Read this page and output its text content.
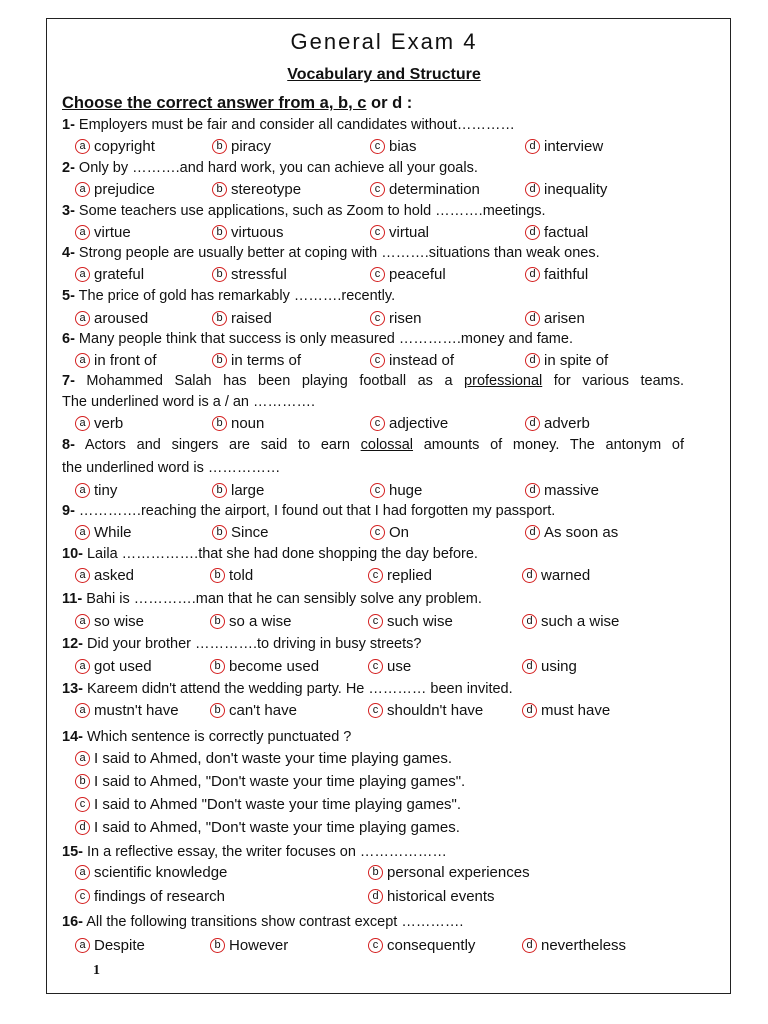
General Exam 4
Vocabulary and Structure
Choose the correct answer from a, b, c or d :
1- Employers must be fair and consider all candidates without…………
a copyright	b piracy	c bias	d interview
2- Only by ……….and hard work, you can achieve all your goals.
a prejudice	b stereotype	c determination	d inequality
3- Some teachers use applications, such as Zoom to hold ……….meetings.
a virtue	b virtuous	c virtual	d factual
4- Strong people are usually better at coping with ……….situations than weak ones.
a grateful	b stressful	c peaceful	d faithful
5- The price of gold has remarkably ……….recently.
a aroused	b raised	c risen	d arisen
6- Many people think that success is only measured ………….money and fame.
a in front of	b in terms of	c instead of	d in spite of
The underlined word is a / an ………….
7- Mohammed Salah has been playing football as a professional for various teams.
a verb	b noun	c adjective	d adverb
the underlined word is ……………
8- Actors and singers are said to earn colossal amounts of money. The antonym of
a tiny	b large	c huge	d massive
9- ………….reaching the airport, I found out that I had forgotten my passport.
a While	b Since	c On	d As soon as
10- Laila …………….that she had done shopping the day before.
a asked	b told	c replied	d warned
11- Bahi is ………….man that he can sensibly solve any problem.
a so wise	b so a wise	c such wise	d such a wise
12- Did your brother ………….to driving in busy streets?
a got used	b become used	c use	d using
13- Kareem didn't attend the wedding party. He ………… been invited.
a mustn't have	b can't have	c shouldn't have	d must have
14- Which sentence is correctly punctuated ?
a I said to Ahmed, don't waste your time playing games.
b I said to Ahmed, "Don't waste your time playing games".
c I said to Ahmed "Don't waste your time playing games".
d I said to Ahmed, "Don't waste your time playing games.
15- In a reflective essay, the writer focuses on ………………
a scientific knowledge	b personal experiences
c findings of research	d historical events
16- All the following transitions show contrast except ………….
a Despite	b However	c consequently	d nevertheless
1
